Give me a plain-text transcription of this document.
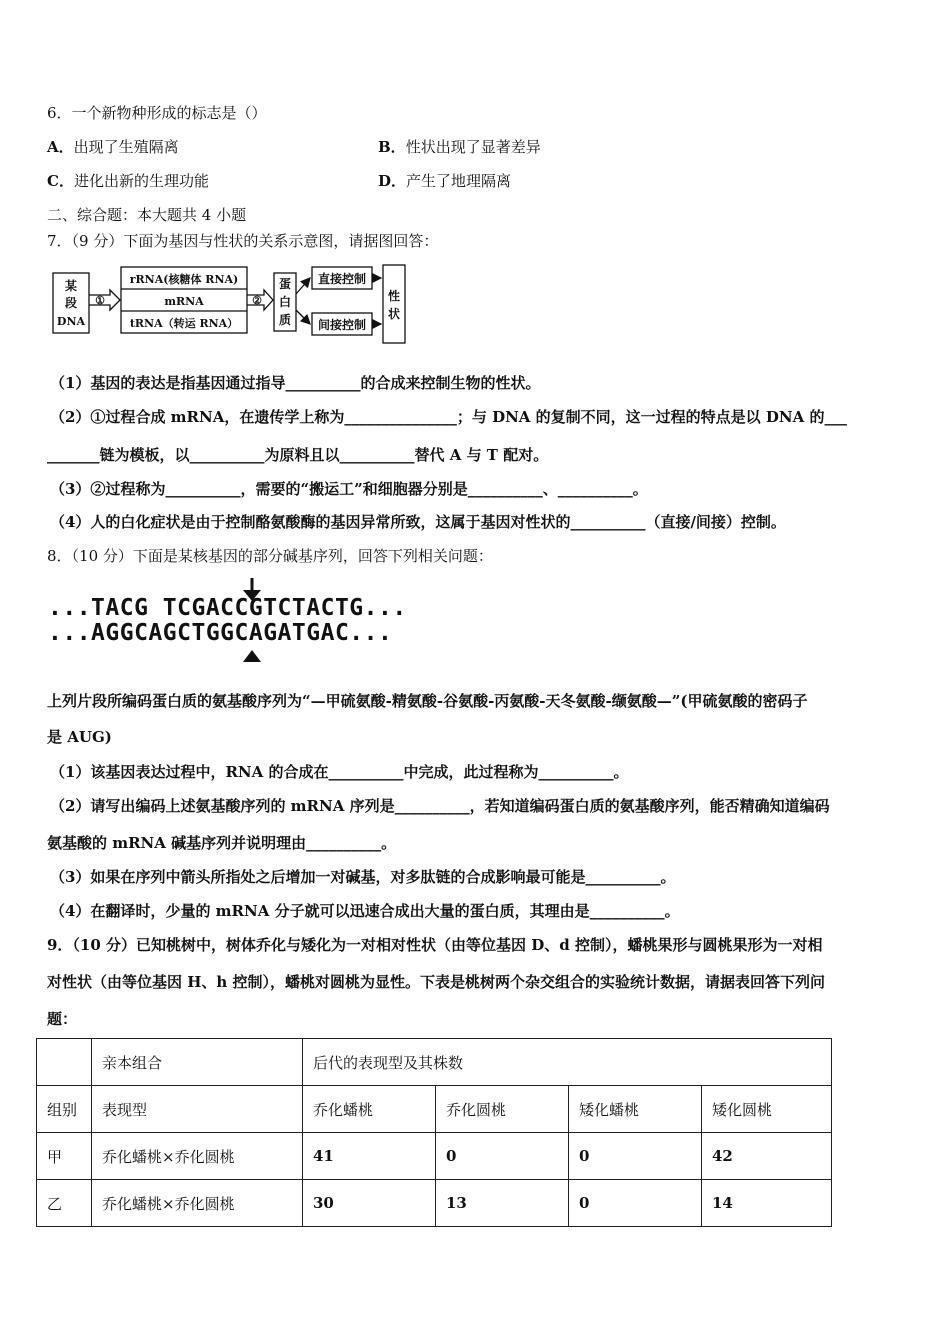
6．一个新物种形成的标志是（）
A．出现了生殖隔离	B．性状出现了显著差异
C．进化出新的生理功能	D．产生了地理隔离
二、综合题：本大题共 4 小题
7．（9 分）下面为基因与性状的关系示意图，请据图回答：
某
段
DNA
①
rRNA(核糖体 RNA)
mRNA
tRNA（转运 RNA）
②
蛋
白
质
直接控制
间接控制
性
状
（1）基因的表达是指基因通过指导__________的合成来控制生物的性状。
（2）①过程合成 mRNA，在遗传学上称为_______________；与 DNA 的复制不同，这一过程的特点是以 DNA 的___
_______链为模板，以__________为原料且以__________替代 A 与 T 配对。
（3）②过程称为__________，需要的“搬运工”和细胞器分别是__________、__________。
（4）人的白化症状是由于控制酪氨酸酶的基因异常所致，这属于基因对性状的__________（直接/间接）控制。
8．（10 分）下面是某核基因的部分碱基序列，回答下列相关问题：
...TACG TCGACCGTCTACTG...
...AGGCAGCTGGCAGATGAC...
上列片段所编码蛋白质的氨基酸序列为“—甲硫氨酸-精氨酸-谷氨酸-丙氨酸-天冬氨酸-缬氨酸—”(甲硫氨酸的密码子
是 AUG)
（1）该基因表达过程中，RNA 的合成在__________中完成，此过程称为__________。
（2）请写出编码上述氨基酸序列的 mRNA 序列是__________，若知道编码蛋白质的氨基酸序列，能否精确知道编码
氨基酸的 mRNA 碱基序列并说明理由__________。
（3）如果在序列中箭头所指处之后增加一对碱基，对多肽链的合成影响最可能是__________。
（4）在翻译时，少量的 mRNA 分子就可以迅速合成出大量的蛋白质，其理由是__________。
9．（10 分）已知桃树中，树体乔化与矮化为一对相对性状（由等位基因 D、d 控制），蟠桃果形与圆桃果形为一对相
对性状（由等位基因 H、h 控制），蟠桃对圆桃为显性。下表是桃树两个杂交组合的实验统计数据，请据表回答下列问
题：
	亲本组合	后代的表现型及其株数			
组别	表现型	乔化蟠桃	乔化圆桃	矮化蟠桃	矮化圆桃
甲	乔化蟠桃×乔化圆桃	41	0	0	42
乙	乔化蟠桃×乔化圆桃	30	13	0	14
